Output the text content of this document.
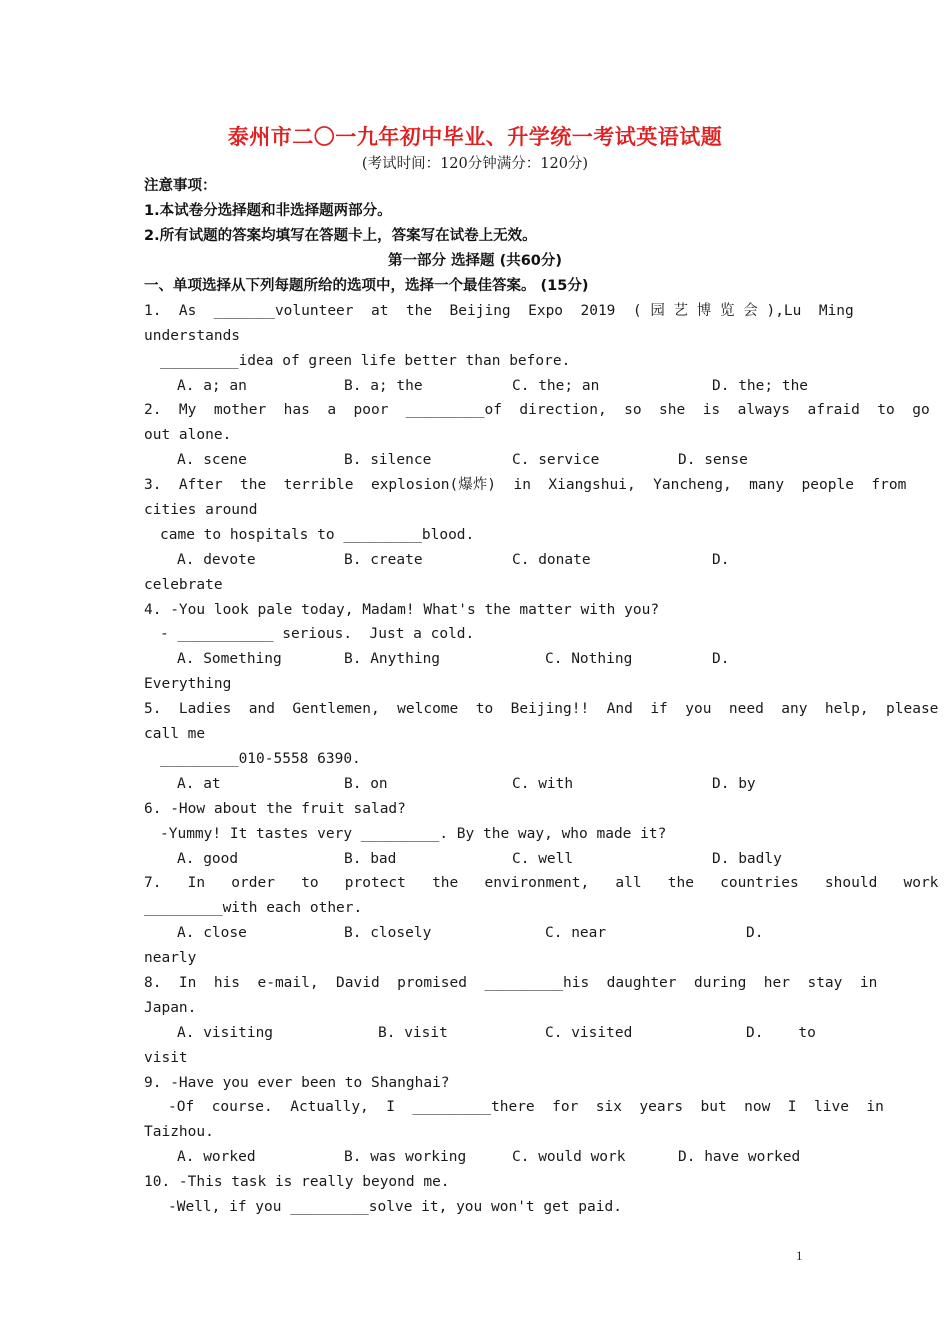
泰州市二〇一九年初中毕业、升学统一考试英语试题
(考试时间：120分钟满分：120分)
注意事项：
1.本试卷分选择题和非选择题两部分。
2.所有试题的答案均填写在答题卡上，答案写在试卷上无效。
第一部分 选择题 (共60分)
一、单项选择从下列每题所给的选项中，选择一个最佳答案。 (15分)
1.  As  _______volunteer  at  the  Beijing  Expo  2019  ( 园 艺 博 览 会 ),Lu  Ming
understands
_________idea of green life better than before.
A. a; an	B. a; the	C. the; an	D. the; the
2.  My  mother  has  a  poor  _________of  direction,  so  she  is  always  afraid  to  go
out alone.
A. scene	B. silence	C. service	D. sense
3.  After  the  terrible  explosion(爆炸)  in  Xiangshui,  Yancheng,  many  people  from
cities around
came to hospitals to _________blood.
A. devote	B. create	C. donate	D.
celebrate
4. -You look pale today, Madam! What's the matter with you?
- ___________ serious.  Just a cold.
A. Something	B. Anything	C. Nothing	D.
Everything
5.  Ladies  and  Gentlemen,  welcome  to  Beijing!!  And  if  you  need  any  help,  please
call me
_________010-5558 6390.
A. at	B. on	C. with	D. by
6. -How about the fruit salad?
-Yummy! It tastes very _________. By the way, who made it?
A. good	B. bad	C. well	D. badly
7.   In   order   to   protect   the   environment,   all   the   countries   should   work
_________with each other.
A. close	B. closely	C. near	D.
nearly
8.  In  his  e-mail,  David  promised  _________his  daughter  during  her  stay  in
Japan.
A. visiting	B. visit	C. visited	D.    to
visit
9. -Have you ever been to Shanghai?
-Of  course.  Actually,  I  _________there  for  six  years  but  now  I  live  in
Taizhou.
A. worked	B. was working	C. would work	D. have worked
10. -This task is really beyond me.
-Well, if you _________solve it, you won't get paid.
1
